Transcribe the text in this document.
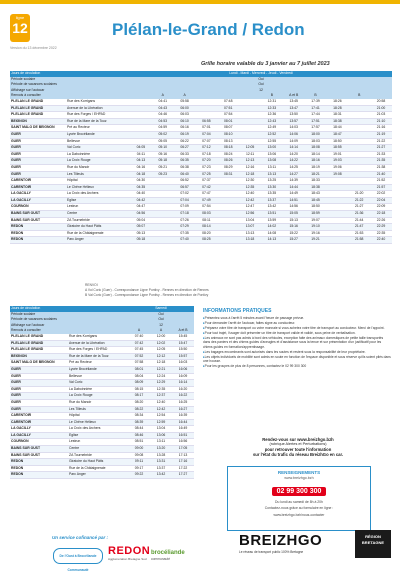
ligne
12
Version du 13 décembre 2022
Plélan-le-Grand / Redon
Grille horaire valable du 3 janvier au 7 juillet 2023
Jours de circulation		Lundi - Mardi - Mercredi - Jeudi - Vendredi											
Période scolaire		Oui											
Période de vacances scolaires		Oui											
Affichage sur l'autocar		12											
Renvois à consulter			A	A				B	A et B	B		B	
PLELAN LE GRAND	Rue des Korrigans		04:41	05:58		07:48		12:31	13:45	17:39	18:26		20:58
PLELAN LE GRAND	Avenue de la Libération		04:43	06:00		07:51		12:33	13:47	17:41	18:28		21:00
PLELAN LE GRAND	Rue des Forges / EHPAD		04:46	06:03		07:54		12:36	13:50	17:44	18:31		21:03
BEIGNON	Rue de la Mare de la Touz		04:53	06:10	06:55	08:01		12:43	13:57	17:51	18:38		21:10
SAINT MALO DE BEIGNON	Pré au Recteur		04:59	06:16	07:01	08:07		12:49	14:03	17:57	18:44		21:16
GUER	Lycée Brocéliande		05:02	06:19	07:04	08:10		12:52	14:06	18:00	18:47		21:19
GUER	Bellevue		05:05	06:22	07:07	08:13		12:55	14:09	18:03	18:50		21:22
GUER	Val Coric	04:05	05:10	06:27	07:12	08:18	12:05	13:00	14:14	18:08	18:55		21:27
GUER	La Daboinnière	04:11	05:16	06:33	07:18	08:24	12:11	13:06	14:20	18:14	19:01		21:33
GUER	La Croix Rouge	04:13	05:18	06:35	07:20	08:26	12:13	13:08	14:22	18:16	19:03		21:35
GUER	Rue du Manoir	04:16	05:21	06:38	07:23	08:29	12:16	13:11	14:25	18:19	19:06		21:38
GUER	Les Tilleuls	04:18	05:23	06:40	07:25	08:31	12:18	13:13	14:27	18:21	19:08		21:40
CARENTOIR	Hôpital	04:30		06:52	07:37		12:30	13:25	14:39	18:33			21:52
CARENTOIR	Le Chêne Hélieux	04:35		06:57	07:42		12:35	13:30	14:44	18:38			21:57
LA GACILLY	La Croix des Archers	04:40		07:02	07:47		12:40	13:35	14:49	18:43		21:20	22:02
LA GACILLY	Eglise	04:42		07:04	07:49		12:42	13:37	14:51	18:45		21:22	22:04
COURNON	Lestrun	04:47		07:09	07:54		12:47	13:42	14:56	18:50		21:27	22:09
BAINS SUR OUST	Centre	04:56		07:18	08:03		12:56	13:51	15:05	18:59		21:36	22:18
BAINS SUR OUST	ZA Tournebride	05:04		07:26	08:11		13:04	13:59	15:13	19:07		21:44	22:26
REDON	Giratoire du Haut Pâtis	05:07		07:29	08:14		13:07	14:02	15:16	19:10		21:47	22:29
REDON	Rue de la Châtaigneraie	05:13		07:35	08:20		13:13	14:08	15:22	19:16		21:53	22:35
REDON	Parc Anger	05:18		07:40	08:25		13:18	14:13	15:27	19:21		21:58	22:40
RENVOI
A Vol Coric (Guer) - Correspondance Ligne Pontivy - Rennes en direction de Rennes
B Val Coric (Guer) - Correspondance Ligne Pontivy - Rennes en direction de Pontivy
Jours de circulation		Samedi		
Période scolaire		Oui		
Période de vacances scolaires		Oui		
Affichage sur l'autocar		12		
Renvois à consulter		A	A	A et B
PLELAN LE GRAND	Rue des Korrigans	07:40	12:00	15:45
PLELAN LE GRAND	Avenue de la Libération	07:42	12:02	15:47
PLELAN LE GRAND	Rue des Forges / EHPAD	07:45	12:05	15:50
BEIGNON	Rue de la Mare de la Touz	07:52	12:12	15:57
SAINT MALO DE BEIGNON	Pré au Recteur	07:58	12:18	16:03
GUER	Lycée Brocéliande	08:01	12:21	16:06
GUER	Bellevue	08:04	12:24	16:09
GUER	Val Coric	08:09	12:29	16:14
GUER	La Daboinnière	08:15	12:35	16:20
GUER	La Croix Rouge	08:17	12:37	16:22
GUER	Rue du Manoir	08:20	12:40	16:25
GUER	Les Tilleuls	08:22	12:42	16:27
CARENTOIR	Hôpital	08:34	12:54	16:39
CARENTOIR	Le Chêne Hélieux	08:39	12:59	16:44
LA GACILLY	La Croix des Archers	08:44	13:04	16:49
LA GACILLY	Eglise	08:46	13:06	16:51
COURNON	Lestrun	08:51	13:11	16:56
BAINS SUR OUST	Centre	09:00	13:20	17:05
BAINS SUR OUST	ZA Tournebride	09:08	13:28	17:13
REDON	Giratoire du Haut Pâtis	09:11	13:31	17:16
REDON	Rue de la Châtaigneraie	09:17	13:37	17:22
REDON	Parc Anger	09:22	13:42	17:27
INFORMATIONS PRATIQUES
▸ Présentez-vous à l'arrêt 5 minutes avant l'heure de passage prévue.
▸ Pour demander l'arrêt de l'autocar, faites signe au conducteur.
▸ Préparez votre titre de transport ou votre monnaie si vous achetez votre titre de transport au conducteur. Merci de l'appoint.
▸ Pour tout trajet, l'usager doit présenter un titre de transport valide et validé, sous peine de verbalisation.
▸ Les animaux ne sont pas admis à bord des véhicules, exception faite des animaux domestiques de petite taille transportés dans des paniers et des chiens guides d'aveugles et d'assistance sous la tenue et sur présentation d'un justificatif pour les chiens guides en formation/apprentissage.
▸ Les bagages encombrants sont autorisés dans les soutes et restent sous la responsabilité de leur propriétaire.
▸ Les objets individuels de mobilité sont admis en soute en fonction de l'espace disponible et sous réserve qu'ils soient pliés dans une housse.
▸ Pour les groupes de plus de 8 personnes, contactez le 02 99 300 300
Rendez-vous sur www.breizhgo.bzh
(rubrique Alertes et Perturbations)
pour retrouver toute l'information
sur l'état du trafic du réseau BreizhGo en car.
RENSEIGNEMENTS
www.breizhgo.bzh
02 99 300 300
Du lundi au samedi de 8h à 20h
Contactez-nous grâce au formulaire en ligne :
www.breizhgo.bzh/nous-contacter
Un service cofinancé par :
De l'Oust à Brocéliande Communauté
REDON
Agglomération Bretagne Sud
brocéliande
communauté
BREIZHGO
Le réseau de transport public 100% Bretagne
RÉGION BRETAGNE
